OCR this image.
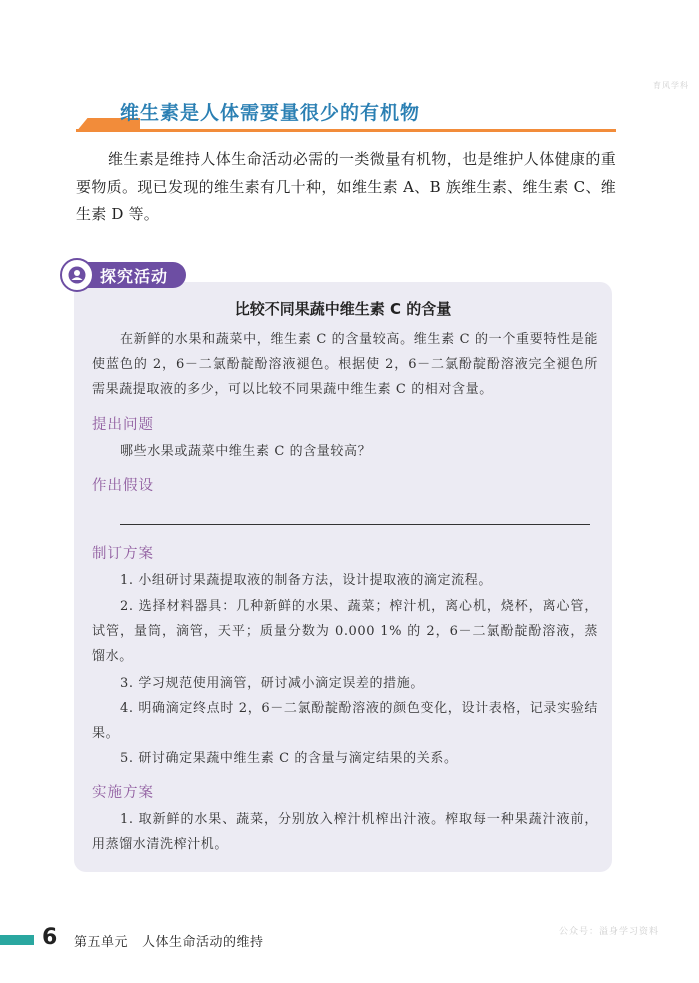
育风学科
维生素是人体需要量很少的有机物

维生素是维持人体生命活动必需的一类微量有机物，也是维护人体健康的重要物质。现已发现的维生素有几十种，如维生素 A、B 族维生素、维生素 C、维生素 D 等。

探究活动
比较不同果蔬中维生素 C 的含量

在新鲜的水果和蔬菜中，维生素 C 的含量较高。维生素 C 的一个重要特性是能使蓝色的 2，6－二氯酚靛酚溶液褪色。根据使 2，6－二氯酚靛酚溶液完全褪色所需果蔬提取液的多少，可以比较不同果蔬中维生素 C 的相对含量。

提出问题

哪些水果或蔬菜中维生素 C 的含量较高？

作出假设
制订方案

1. 小组研讨果蔬提取液的制备方法，设计提取液的滴定流程。

2. 选择材料器具：几种新鲜的水果、蔬菜；榨汁机，离心机，烧杯，离心管，试管，量筒，滴管，天平；质量分数为 0.000 1% 的 2，6－二氯酚靛酚溶液，蒸馏水。

3. 学习规范使用滴管，研讨减小滴定误差的措施。

4. 明确滴定终点时 2，6－二氯酚靛酚溶液的颜色变化，设计表格，记录实验结果。

5. 研讨确定果蔬中维生素 C 的含量与滴定结果的关系。

实施方案

1. 取新鲜的水果、蔬菜，分别放入榨汁机榨出汁液。榨取每一种果蔬汁液前，用蒸馏水清洗榨汁机。

6 第五单元 人体生命活动的维持
公众号：溢身学习资料
